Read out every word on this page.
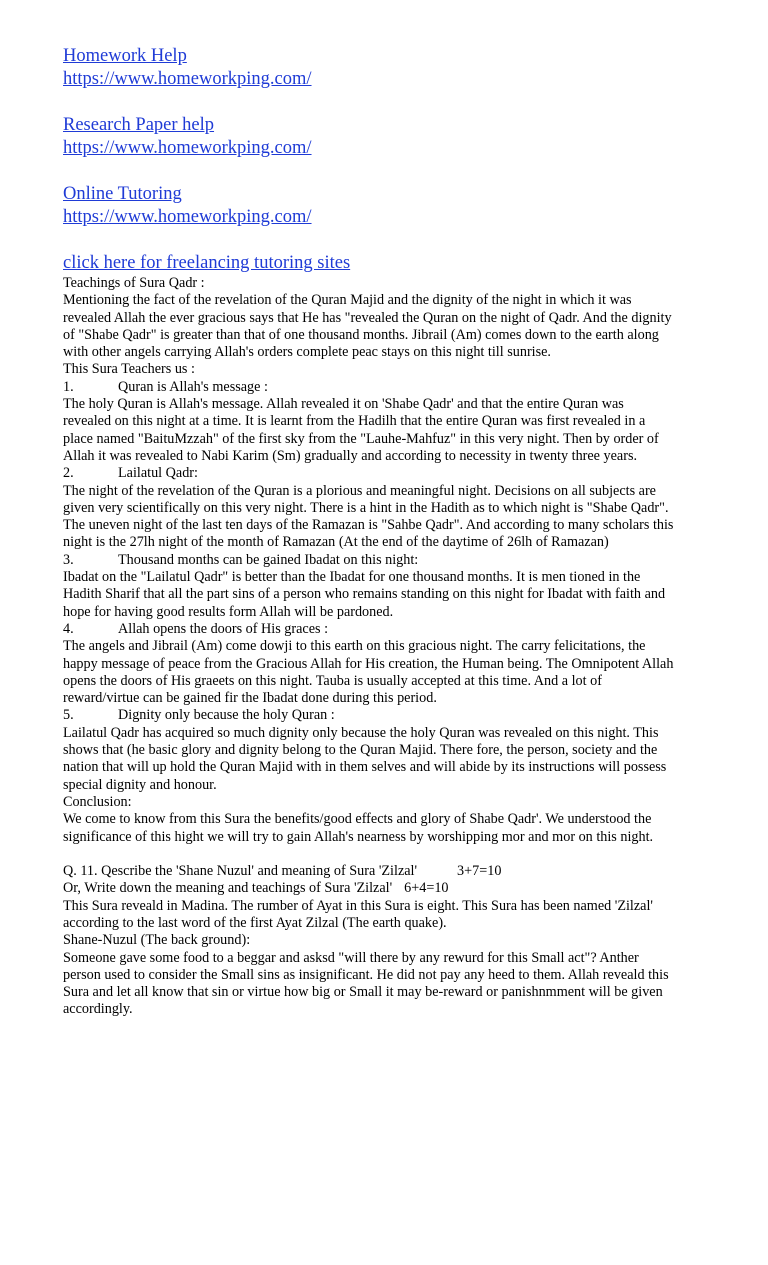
Homework Help
https://www.homeworkping.com/
Research Paper help
https://www.homeworkping.com/
Online Tutoring
https://www.homeworkping.com/
click here for freelancing tutoring sites
Teachings of Sura Qadr :
Mentioning the fact of the revelation of the Quran Majid and the dignity of the night in which it was
revealed Allah the ever gracious says that He has "revealed the Quran on the night of Qadr. And the dignity
of "Shabe Qadr" is greater than that of one thousand months. Jibrail (Am) comes down to the earth along
with other angels carrying Allah's orders complete peac stays on this night till sunrise.
This Sura Teachers us :
1.	Quran is Allah's message :
The holy Quran is Allah's message. Allah revealed it on 'Shabe Qadr' and that the entire Quran was
revealed on this night at a time. It is learnt from the Hadilh that the entire Quran was first revealed in a
place named "BaituMzzah" of the first sky from the "Lauhe-Mahfuz" in this very night. Then by order of
Allah it was revealed to Nabi Karim (Sm) gradually and according to necessity in twenty three years.
2.	Lailatul Qadr:
The night of the revelation of the Quran is a plorious and meaningful night. Decisions on all subjects are
given very scientifically on this very night. There is a hint in the Hadith as to which night is "Shabe Qadr".
The uneven night of the last ten days of the Ramazan is "Sahbe Qadr". And according to many scholars this
night is the 27lh night of the month of Ramazan (At the end of the daytime of 26lh of Ramazan)
3.	Thousand months can be gained Ibadat on this night:
Ibadat on the "Lailatul Qadr" is better than the Ibadat for one thousand months. It is men tioned in the
Hadith Sharif that all the part sins of a person who remains standing on this night for Ibadat with faith and
hope for having good results form Allah will be pardoned.
4.	Allah opens the doors of His graces :
The angels and Jibrail (Am) come dowji to this earth on this gracious night. The carry felicitations, the
happy message of peace from the Gracious Allah for His creation, the Human being. The Omnipotent Allah
opens the doors of His graeets on this night. Tauba is usually accepted at this time. And a lot of
reward/virtue can be gained fir the Ibadat done during this period.
5.	Dignity only because the holy Quran :
Lailatul Qadr has acquired so much dignity only because the holy Quran was revealed on this night. This
shows that (he basic glory and dignity belong to the Quran Majid. There fore, the person, society and the
nation that will up hold the Quran Majid with in them selves and will abide by its instructions will possess
special dignity and honour.
Conclusion:
We come to know from this Sura the benefits/good effects and glory of Shabe Qadr'. We understood the
significance of this hight we will try to gain Allah's nearness by worshipping mor and mor on this night.
Q. 11. Qescribe the 'Shane Nuzul' and meaning of Sura 'Zilzal'	3+7=10
Or, Write down the meaning and teachings of Sura 'Zilzal' 6+4=10
This Sura reveald in Madina. The rumber of Ayat in this Sura is eight. This Sura has been named 'Zilzal'
according to the last word of the first Ayat Zilzal (The earth quake).
Shane-Nuzul (The back ground):
Someone gave some food to a beggar and asksd "will there by any rewurd for this Small act"? Anther
person used to consider the Small sins as insignificant. He did not pay any heed to them. Allah reveald this
Sura and let all know that sin or virtue how big or Small it may be-reward or panishnmment will be given
accordingly.
